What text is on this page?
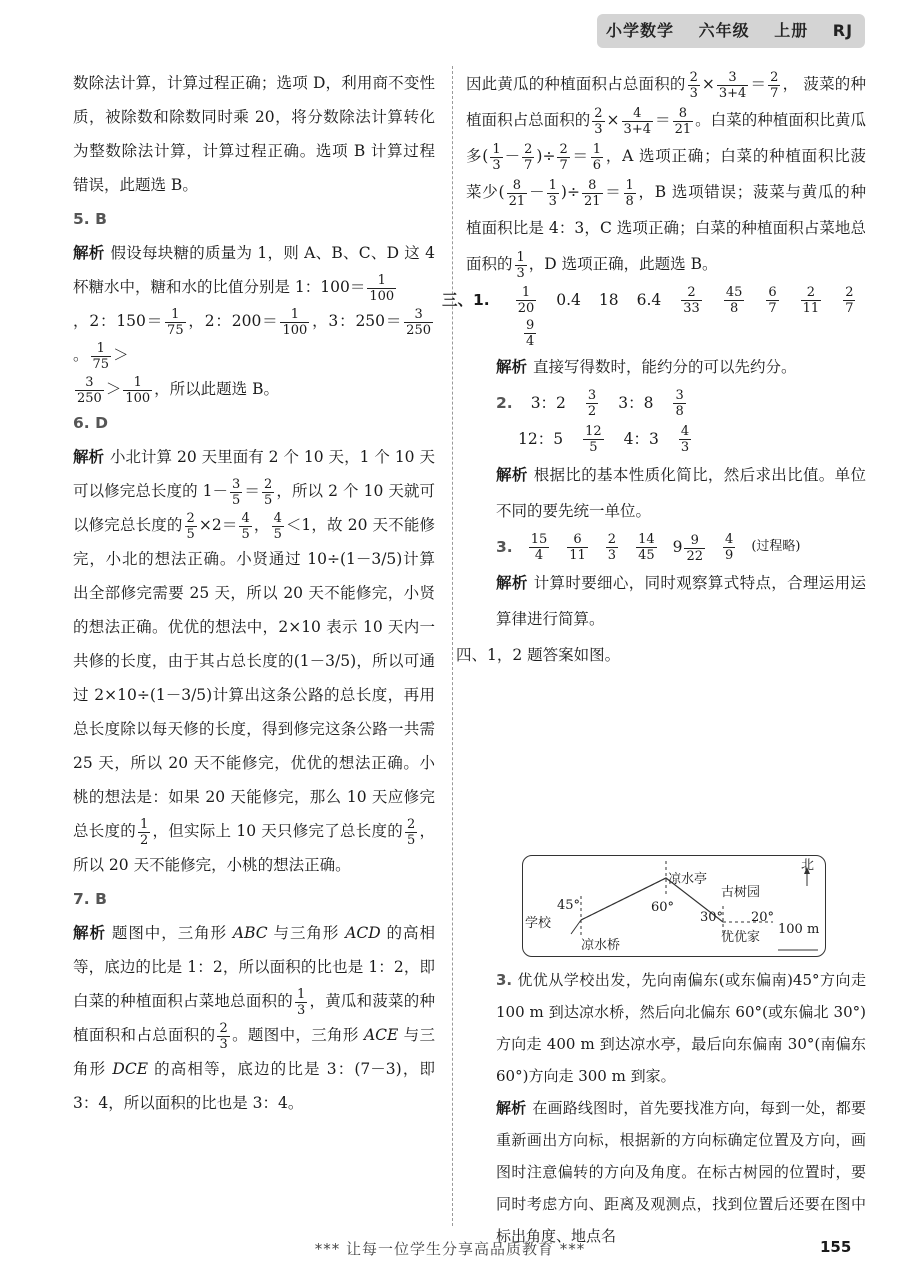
小学数学 六年级 上册 RJ

数除法计算，计算过程正确；选项 D，利用商不变性质，被除数和除数同时乘 20，将分数除法计算转化为整数除法计算，计算过程正确。选项 B 计算过程错误，此题选 B。

5. B

解析 假设每块糖的质量为 1，则 A、B、C、D 这 4 杯糖水中，糖和水的比值分别是 1：$100= \frac{1}{100}$

，2：$150= \frac{1}{75}$ ，2：$200= \frac{1}{100}$ ，3：$250= \frac{3}{250}$
。 $\frac{1}{75}$ ＞

$\frac{3}{250} > \frac{1}{100}$ ，所以此题选 B。

6. D

解析 小北计算 20 天里面有 2 个 10 天，1 个 10 天可以修完总长度的 $1- \frac{3}{5} = \frac{2}{5}$ ，所以 2 个 10 天就可以修完总长度的 $\frac{2}{5} \times 2= \frac{4}{5}$ ， $\frac{4}{5} <1$，故 20 天不能修完，小北的想法正确。小贤通过 10÷(1－3/5)计算出全部修完需要 25 天，所以 20 天不能修完，小贤的想法正确。优优的想法中，2×10 表示 10 天内一共修的长度，由于其占总长度的(1－3/5)，所以可通过 2×10÷(1－3/5)计算出这条公路的总长度，再用总长度除以每天修的长度，得到修完这条公路一共需 25 天，所以 20 天不能修完，优优的想法正确。小桃的想法是：如果 20 天能修完，那么 10 天应修完总长度的 $\frac{1}{2}$ ，但实际上 10 天只修完了总长度的 $\frac{2}{5}$ ，所以 20 天不能修完，小桃的想法正确。

7. B

解析 题图中，三角形 ABC 与三角形 ACD 的高相等，底边的比是 1：2，所以面积的比也是 1：2，即白菜的种植面积占菜地总面积的 $\frac{1}{3}$ ，黄瓜和菠菜的种植面积和占总面积的 $\frac{2}{3}$ 。题图中，三角形 ACE 与三角形 DCE 的高相等，底边的比是 3：(7－3)，即 3：4，所以面积的比也是 3：4。

因此黄瓜的种植面积占总面积的 $\frac{2}{3} \times \frac{3}{3+4} = \frac{2}{7}$ ， 菠菜的种植面积占总面积的 $\frac{2}{3} \times \frac{4}{3+4} = \frac{8}{21}$ 。白菜的种植面积比黄瓜多( $\frac{1}{3} - \frac{2}{7}$ )÷ $\frac{2}{7} = \frac{1}{6}$ ，A 选项正确；白菜的种植面积比菠菜少( $\frac{8}{21} - \frac{1}{3}$ )÷ $\frac{8}{21} = \frac{1}{8}$ ，B 选项错误；菠菜与黄瓜的种植面积比是 4：3，C 选项正确；白菜的种植面积占菜地总面积的 $\frac{1}{3}$ ，D 选项正确，此题选 B。

三、1. $\frac{1}{20} 0.4$ 18 $6.4 \frac{2}{33} \frac{45}{8} \frac{6}{7} \frac{2}{11} \frac{2}{7}$
$\frac{9}{4}$

解析 直接写得数时，能约分的可以先约分。

2. 3：$2 \frac{3}{2} 3$：$8 \frac{3}{8}$
12：$5 \frac{12}{5} 4$：$3 \frac{4}{3}$

解析 根据比的基本性质化简比，然后求出比值。单位不同的要先统一单位。

3. $\frac{15}{4} \frac{6}{11} \frac{2}{3} \frac{14}{45} 9 \frac{9}{22} \frac{4}{9}$ (过程略)

解析 计算时要细心，同时观察算式特点，合理运用运算律进行简算。

四、1，2 题答案如图。

北
学校
凉水桥
凉水亭
古树园
优优家
100 m
45°	60°
30° 20°

3. 优优从学校出发，先向南偏东(或东偏南)45°方向走 100 m 到达凉水桥，然后向北偏东 60°(或东偏北 30°)方向走 400 m 到达凉水亭，最后向东偏南 30°(南偏东 60°)方向走 300 m 到家。

解析 在画路线图时，首先要找准方向，每到一处，都要重新画出方向标，根据新的方向标确定位置及方向，画图时注意偏转的方向及角度。在标古树园的位置时，要同时考虑方向、距离及观测点，找到位置后还要在图中标出角度、地点名

*** 让每一位学生分享高品质教育 ***	155
